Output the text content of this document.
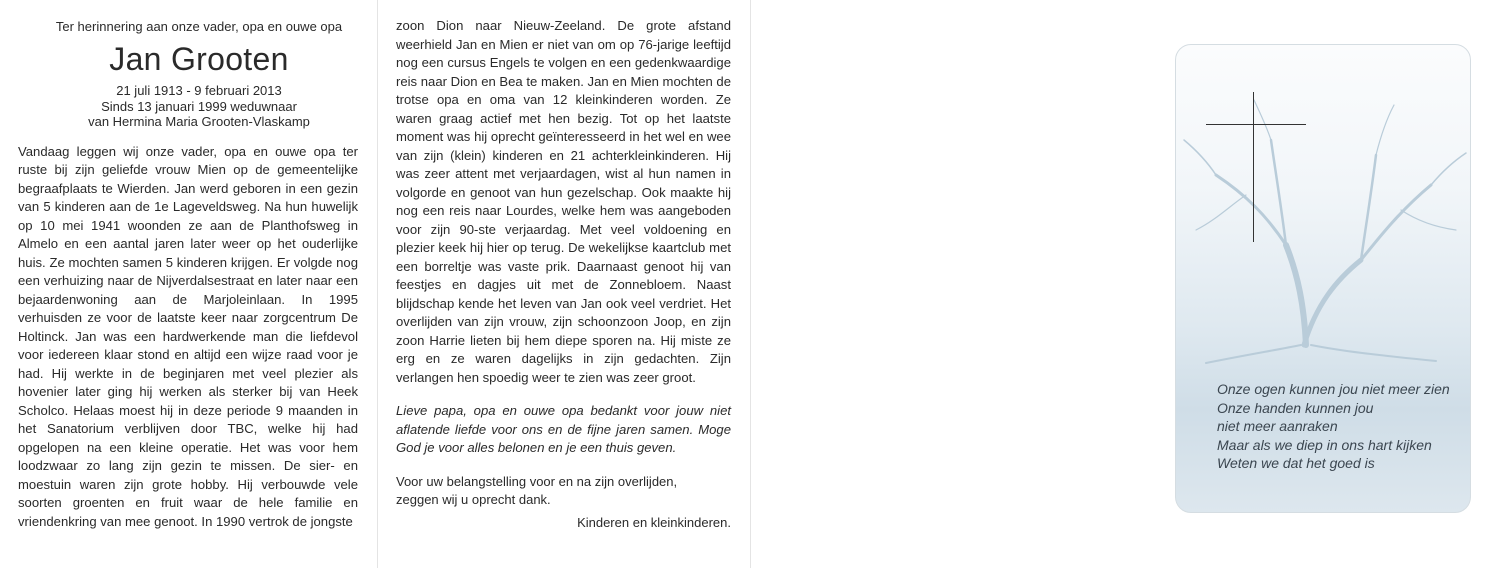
Ter herinnering aan onze vader, opa en ouwe opa

Jan Grooten

21 juli 1913 - 9 februari 2013

Sinds 13 januari 1999 weduwnaar

van Hermina Maria Grooten-Vlaskamp

Vandaag leggen wij onze vader, opa en ouwe opa ter ruste bij zijn geliefde vrouw Mien op de gemeentelijke begraafplaats te Wierden. Jan werd geboren in een gezin van 5 kinderen aan de 1e Lageveldsweg. Na hun huwelijk op 10 mei 1941 woonden ze aan de Planthofsweg in Almelo en een aantal jaren later weer op het ouderlijke huis. Ze mochten samen 5 kinderen krijgen. Er volgde nog een verhuizing naar de Nijverdalsestraat en later naar een bejaardenwoning aan de Marjoleinlaan. In 1995 verhuisden ze voor de laatste keer naar zorgcentrum De Holtinck. Jan was een hardwerkende man die liefdevol voor iedereen klaar stond en altijd een wijze raad voor je had. Hij werkte in de beginjaren met veel plezier als hovenier later ging hij werken als sterker bij van Heek Scholco. Helaas moest hij in deze periode 9 maanden in het Sanatorium verblijven door TBC, welke hij had opgelopen na een kleine operatie. Het was voor hem loodzwaar zo lang zijn gezin te missen. De sier- en moestuin waren zijn grote hobby. Hij verbouwde vele soorten groenten en fruit waar de hele familie en vriendenkring van mee genoot. In 1990 vertrok de jongste

zoon Dion naar Nieuw-Zeeland. De grote afstand weerhield Jan en Mien er niet van om op 76-jarige leeftijd nog een cursus Engels te volgen en een gedenkwaardige reis naar Dion en Bea te maken. Jan en Mien mochten de trotse opa en oma van 12 kleinkinderen worden. Ze waren graag actief met hen bezig. Tot op het laatste moment was hij oprecht geïnteresseerd in het wel en wee van zijn (klein) kinderen en 21 achterkleinkinderen. Hij was zeer attent met verjaardagen, wist al hun namen in volgorde en genoot van hun gezelschap. Ook maakte hij nog een reis naar Lourdes, welke hem was aangeboden voor zijn 90-ste verjaardag. Met veel voldoening en plezier keek hij hier op terug. De wekelijkse kaartclub met een borreltje was vaste prik. Daarnaast genoot hij van feestjes en dagjes uit met de Zonnebloem. Naast blijdschap kende het leven van Jan ook veel verdriet. Het overlijden van zijn vrouw, zijn schoonzoon Joop, en zijn zoon Harrie lieten bij hem diepe sporen na. Hij miste ze erg en ze waren dagelijks in zijn gedachten. Zijn verlangen hen spoedig weer te zien was zeer groot.

Lieve papa, opa en ouwe opa bedankt voor jouw niet aflatende liefde voor ons en de fijne jaren samen. Moge God je voor alles belonen en je een thuis geven.

Voor uw belangstelling voor en na zijn overlijden,

zeggen wij u oprecht dank.

Kinderen en kleinkinderen.

Onze ogen kunnen jou niet meer zien
Onze handen kunnen jou
niet meer aanraken
Maar als we diep in ons hart kijken
Weten we dat het goed is
